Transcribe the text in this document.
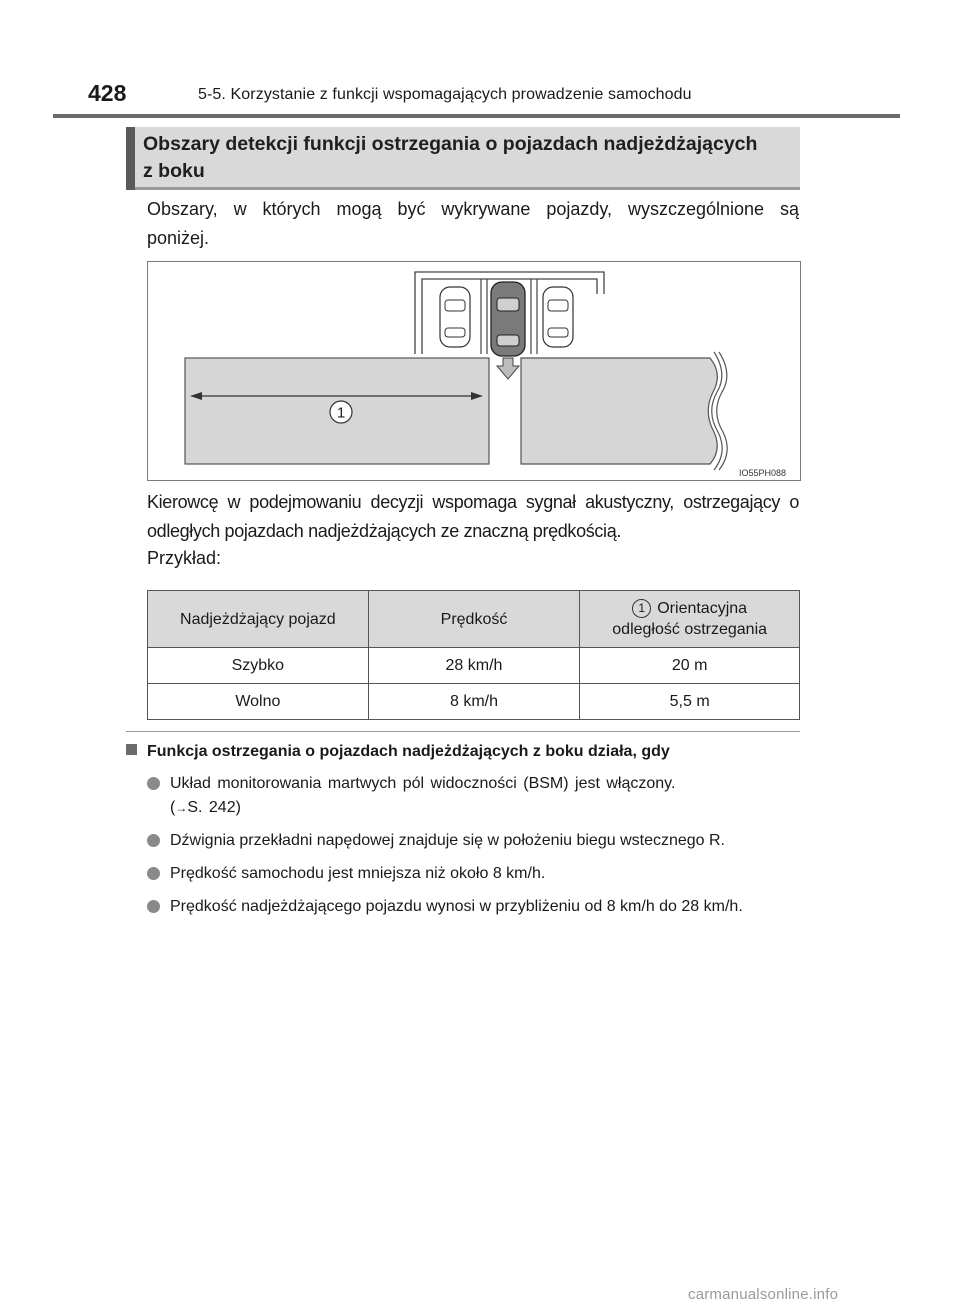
428	5-5. Korzystanie z funkcji wspomagających prowadzenie samochodu
Obszary detekcji funkcji ostrzegania o pojazdach nadjeżdżających
z boku
Obszary, w których mogą być wykrywane pojazdy, wyszczególnione są poniżej.
1
IO55PH088
Kierowcę w podejmowaniu decyzji wspomaga sygnał akustyczny, ostrzegający o odległych pojazdach nadjeżdżających ze znaczną prędkością.
Przykład:
Nadjeżdżający pojazd	Prędkość	1 Orientacyjna
odległość ostrzegania
Szybko	28 km/h	20 m
Wolno	8 km/h	5,5 m
Funkcja ostrzegania o pojazdach nadjeżdżających z boku działa, gdy
Układ monitorowania martwych pól widoczności (BSM) jest włączony.
(→S. 242)
Dźwignia przekładni napędowej znajduje się w położeniu biegu wstecznego R.
Prędkość samochodu jest mniejsza niż około 8 km/h.
Prędkość nadjeżdżającego pojazdu wynosi w przybliżeniu od 8 km/h do 28 km/h.
carmanualsonline.info
